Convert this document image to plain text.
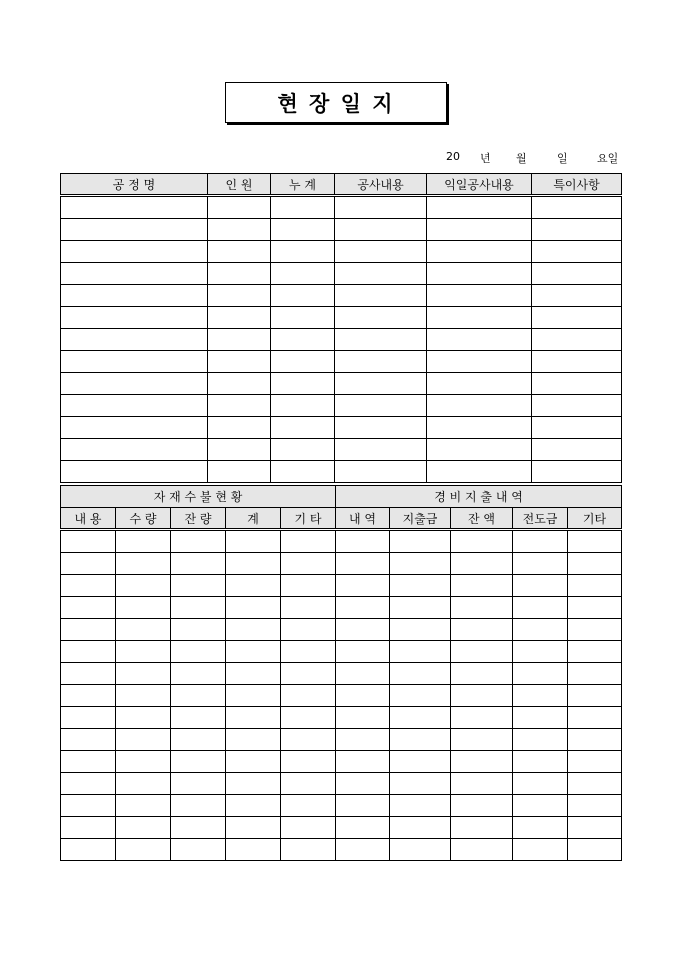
현 장 일 지
20 년 월	일	요일
공 정 명	인 원	누 계	공사내용	익일공사내용	특이사항

자 재 수 불 현 황					경 비 지 출 내 역				
내 용	수 량	잔 량	계	기 타	내 역	지출금	잔 액	전도금	기타
